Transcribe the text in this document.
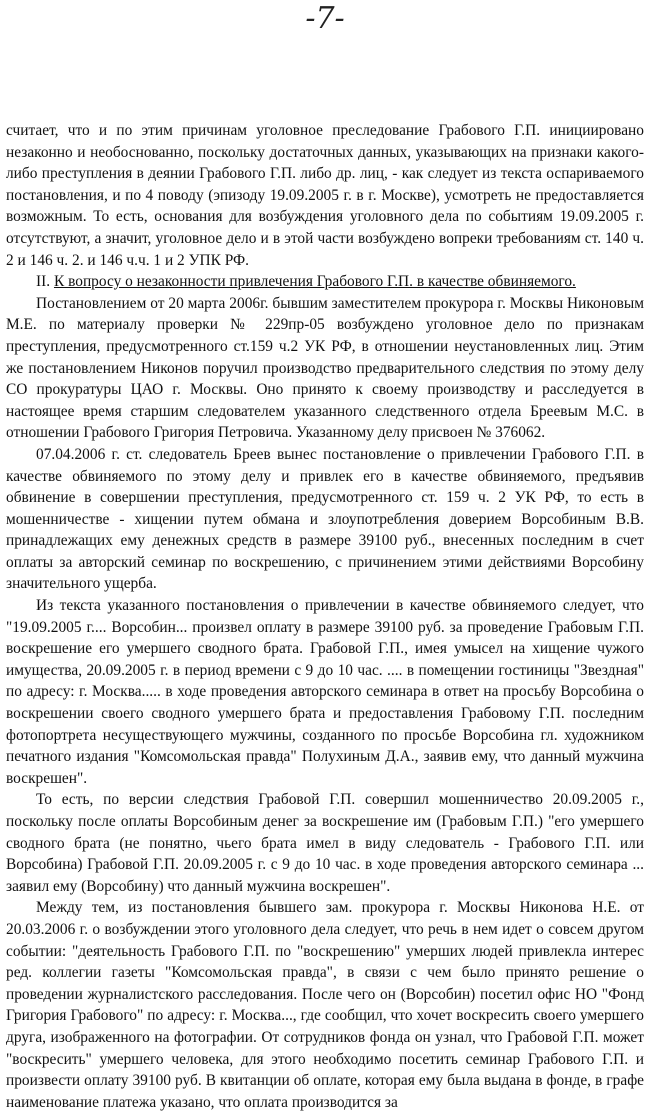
-7-

считает, что и по этим причинам уголовное преследование Грабового Г.П. инициировано незаконно и необоснованно, поскольку достаточных данных, указывающих на признаки какого-либо преступления в деянии Грабового Г.П. либо др. лиц, - как следует из текста оспариваемого постановления, и по 4 поводу (эпизоду 19.09.2005 г. в г. Москве), усмотреть не предоставляется возможным. То есть, основания для возбуждения уголовного дела по событиям 19.09.2005 г. отсутствуют, а значит, уголовное дело и в этой части возбуждено вопреки требованиям ст. 140 ч. 2 и 146 ч. 2. и 146 ч.ч. 1 и 2 УПК РФ.

II. К вопросу о незаконности привлечения Грабового Г.П. в качестве обвиняемого.

Постановлением от 20 марта 2006г. бывшим заместителем прокурора г. Москвы Никоновым М.Е. по материалу проверки № 229пр-05 возбуждено уголовное дело по признакам преступления, предусмотренного ст.159 ч.2 УК РФ, в отношении неустановленных лиц. Этим же постановлением Никонов поручил производство предварительного следствия по этому делу СО прокуратуры ЦАО г. Москвы. Оно принято к своему производству и расследуется в настоящее время старшим следователем указанного следственного отдела Бреевым М.С. в отношении Грабового Григория Петровича. Указанному делу присвоен № 376062.

07.04.2006 г. ст. следователь Бреев вынес постановление о привлечении Грабового Г.П. в качестве обвиняемого по этому делу и привлек его в качестве обвиняемого, предъявив обвинение в совершении преступления, предусмотренного ст. 159 ч. 2 УК РФ, то есть в мошенничестве - хищении путем обмана и злоупотребления доверием Ворсобиным В.В. принадлежащих ему денежных средств в размере 39100 руб., внесенных последним в счет оплаты за авторский семинар по воскрешению, с причинением этими действиями Ворсобину значительного ущерба.

Из текста указанного постановления о привлечении в качестве обвиняемого следует, что "19.09.2005 г.... Ворсобин... произвел оплату в размере 39100 руб. за проведение Грабовым Г.П. воскрешение его умершего сводного брата. Грабовой Г.П., имея умысел на хищение чужого имущества, 20.09.2005 г. в период времени с 9 до 10 час. .... в помещении гостиницы "Звездная" по адресу: г. Москва..... в ходе проведения авторского семинара в ответ на просьбу Ворсобина о воскрешении своего сводного умершего брата и предоставления Грабовому Г.П. последним фотопортрета несуществующего мужчины, созданного по просьбе Ворсобина гл. художником печатного издания "Комсомольская правда" Полухиным Д.А., заявив ему, что данный мужчина воскрешен".

То есть, по версии следствия Грабовой Г.П. совершил мошенничество 20.09.2005 г., поскольку после оплаты Ворсобиным денег за воскрешение им (Грабовым Г.П.) "его умершего сводного брата (не понятно, чьего брата имел в виду следователь - Грабового Г.П. или Ворсобина) Грабовой Г.П. 20.09.2005 г. с 9 до 10 час. в ходе проведения авторского семинара ... заявил ему (Ворсобину) что данный мужчина воскрешен".

Между тем, из постановления бывшего зам. прокурора г. Москвы Никонова Н.Е. от 20.03.2006 г. о возбуждении этого уголовного дела следует, что речь в нем идет о совсем другом событии: "деятельность Грабового Г.П. по "воскрешению" умерших людей привлекла интерес ред. коллегии газеты "Комсомольская правда", в связи с чем было принято решение о проведении журналистского расследования. После чего он (Ворсобин) посетил офис НО "Фонд Григория Грабового" по адресу: г. Москва..., где сообщил, что хочет воскресить своего умершего друга, изображенного на фотографии. От сотрудников фонда он узнал, что Грабовой Г.П. может "воскресить" умершего человека, для этого необходимо посетить семинар Грабового Г.П. и произвести оплату 39100 руб. В квитанции об оплате, которая ему была выдана в фонде, в графе наименование платежа указано, что оплата производится за
